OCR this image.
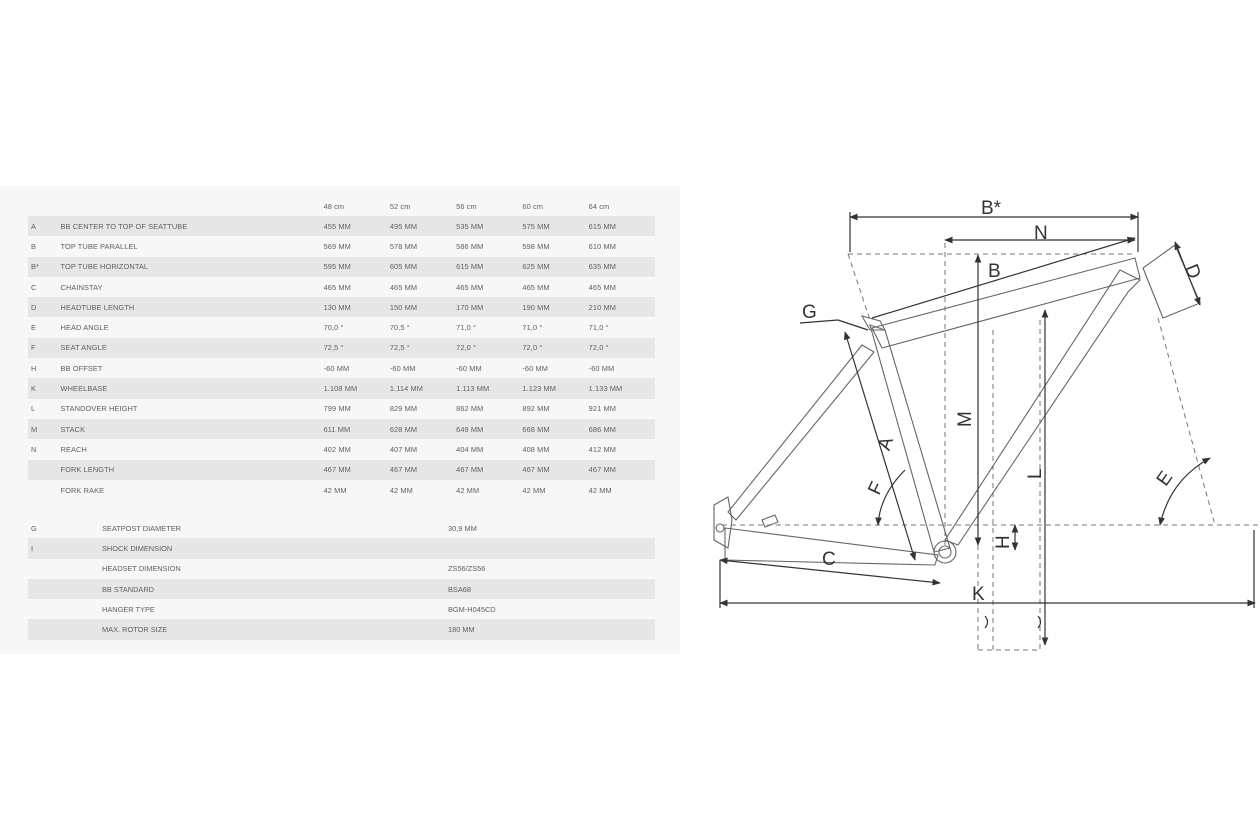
		48 cm	52 cm	56 cm	60 cm	64 cm
A	BB CENTER TO TOP OF SEATTUBE	455 MM	495 MM	535 MM	575 MM	615 MM
B	TOP TUBE PARALLEL	569 MM	578 MM	586 MM	598 MM	610 MM
B*	TOP TUBE HORIZONTAL	595 MM	605 MM	615 MM	625 MM	635 MM
C	CHAINSTAY	465 MM	465 MM	465 MM	465 MM	465 MM
D	HEADTUBE LENGTH	130 MM	150 MM	170 MM	190 MM	210 MM
E	HEAD ANGLE	70,0 °	70,5 °	71,0 °	71,0 °	71,0 °
F	SEAT ANGLE	72,5 °	72,5 °	72,0 °	72,0 °	72,0 °
H	BB OFFSET	-60 MM	-60 MM	-60 MM	-60 MM	-60 MM
K	WHEELBASE	1.108 MM	1.114 MM	1.113 MM	1.123 MM	1.133 MM
L	STANDOVER HEIGHT	799 MM	829 MM	862 MM	892 MM	921 MM
M	STACK	611 MM	628 MM	649 MM	668 MM	686 MM
N	REACH	402 MM	407 MM	404 MM	408 MM	412 MM
	FORK LENGTH	467 MM	467 MM	467 MM	467 MM	467 MM
	FORK RAKE	42 MM	42 MM	42 MM	42 MM	42 MM
G	SEATPOST DIAMETER	30,9 MM
I	SHOCK DIMENSION	
	HEADSET DIMENSION	ZS56/ZS56
	BB STANDARD	BSA68
	HANGER TYPE	BGM-H045CD
	MAX. ROTOR SIZE	180 MM
B*
N
B	D
G
M
A
F
L	E
H
C
K
